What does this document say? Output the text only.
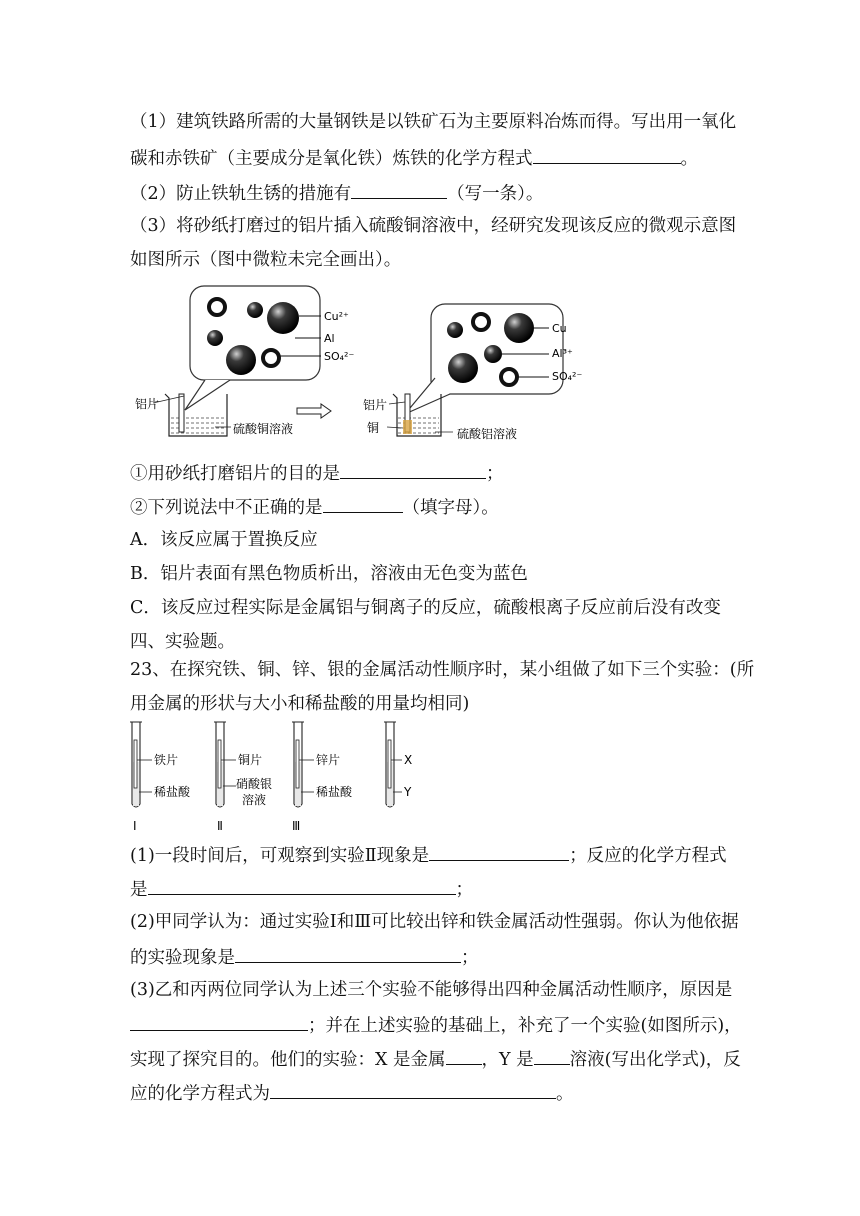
（1）建筑铁路所需的大量钢铁是以铁矿石为主要原料冶炼而得。写出用一氧化
碳和赤铁矿（主要成分是氧化铁）炼铁的化学方程式	。
（2）防止铁轨生锈的措施有	（写一条）。
（3）将砂纸打磨过的铝片插入硫酸铜溶液中，经研究发现该反应的微观示意图
如图所示（图中微粒未完全画出）。
Cu²⁺
Al
SO₄²⁻
铝片
硫酸铜溶液
Cu
Al³⁺
SO₄²⁻
铝片
铜	硫酸铝溶液
①用砂纸打磨铝片的目的是	；
②下列说法中不正确的是	（填字母）。
A．该反应属于置换反应
B．铝片表面有黑色物质析出，溶液由无色变为蓝色
C．该反应过程实际是金属铝与铜离子的反应，硫酸根离子反应前后没有改变
四、实验题。
23、在探究铁、铜、锌、银的金属活动性顺序时，某小组做了如下三个实验：(所
用金属的形状与大小和稀盐酸的用量均相同)
铁片
稀盐酸
Ⅰ
铜片
硝酸银
溶液
Ⅱ
锌片
稀盐酸
Ⅲ
X
Y
(1)一段时间后，可观察到实验Ⅱ现象是	；反应的化学方程式
是	；
(2)甲同学认为：通过实验Ⅰ和Ⅲ可比较出锌和铁金属活动性强弱。你认为他依据
的实验现象是	；
(3)乙和丙两位同学认为上述三个实验不能够得出四种金属活动性顺序，原因是
；并在上述实验的基础上，补充了一个实验(如图所示)，
实现了探究目的。他们的实验：X 是金属 ，Y 是 溶液(写出化学式)，反
应的化学方程式为	。
